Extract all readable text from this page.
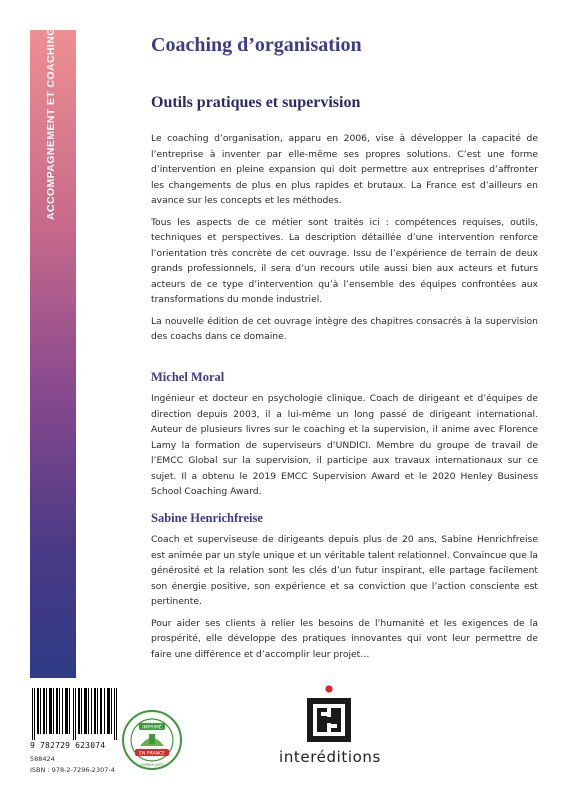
ACCOMPAGNEMENT ET COACHING	Coaching d’organisation
Outils pratiques et supervision

Le coaching d’organisation, apparu en 2006, vise à développer la capacité de l’entreprise à inventer par elle-même ses propres solutions. C’est une forme d’intervention en pleine expansion qui doit permettre aux entreprises d’affronter les changements de plus en plus rapides et brutaux. La France est d’ailleurs en avance sur les concepts et les méthodes.

Tous les aspects de ce métier sont traités ici : compétences requises, outils, techniques et perspectives. La description détaillée d’une intervention renforce l’orientation très concrète de cet ouvrage. Issu de l’expérience de terrain de deux grands professionnels, il sera d’un recours utile aussi bien aux acteurs et futurs acteurs de ce type d’intervention qu’à l’ensemble des équipes confrontées aux transformations du monde industriel.

La nouvelle édition de cet ouvrage intègre des chapitres consacrés à la supervision des coachs dans ce domaine.

Michel Moral

Ingénieur et docteur en psychologie clinique. Coach de dirigeant et d’équipes de direction depuis 2003, il a lui-même un long passé de dirigeant international. Auteur de plusieurs livres sur le coaching et la supervision, il anime avec Florence Lamy la formation de superviseurs d’UNDICI. Membre du groupe de travail de l’EMCC Global sur la supervision, il participe aux travaux internationaux sur ce sujet. Il a obtenu le 2019 EMCC Supervision Award et le 2020 Henley Business School Coaching Award.

Sabine Henrichfreise

Coach et superviseuse de dirigeants depuis plus de 20 ans, Sabine Henrichfreise est animée par un style unique et un véritable talent relationnel. Convaincue que la générosité et la relation sont les clés d’un futur inspirant, elle partage facilement son énergie positive, son expérience et sa conviction que l’action consciente est pertinente.

Pour aider ses clients à relier les besoins de l’humanité et les exigences de la prospérité, elle développe des pratiques innovantes qui vont leur permettre de faire une différence et d’accomplir leur projet…

9 782729 623074
588424
ISBN : 978-2-7296-2307-4
IMPRIMÉ
EN FRANCE
IMPRIM'VERT	interéditions
